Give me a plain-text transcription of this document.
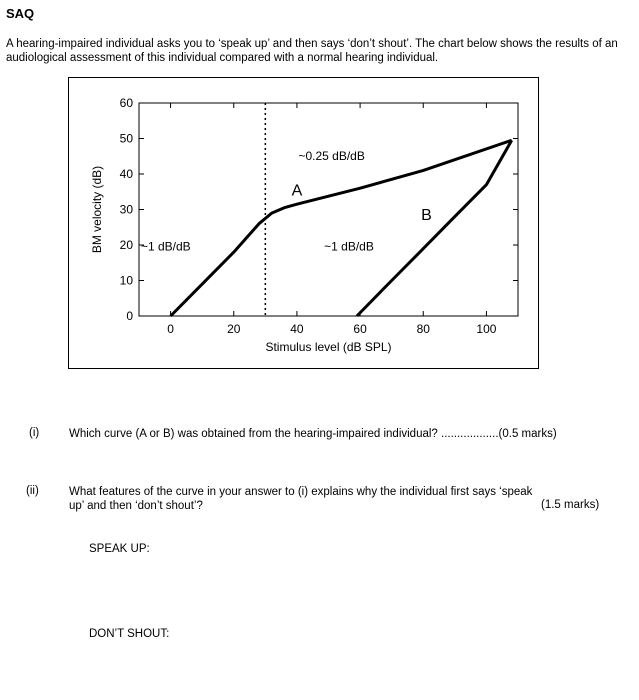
SAQ
A hearing-impaired individual asks you to ‘speak up’ and then says ‘don’t shout’. The chart below shows the results of an audiological assessment of this individual compared with a normal hearing individual.
0
10
20
30
40
50
60
0	20	40	60	80	100
Stimulus level (dB SPL)
BM velocity (dB)	~1 dB/dB
~0.25 dB/dB
A
B
~1 dB/dB
(i)	Which curve (A or B) was obtained from the hearing-impaired individual? ..................(0.5 marks)
(ii)	What features of the curve in your answer to (i) explains why the individual first says ‘speak up’ and then ‘don’t shout’?	(1.5 marks)
SPEAK UP:
DON’T SHOUT:
